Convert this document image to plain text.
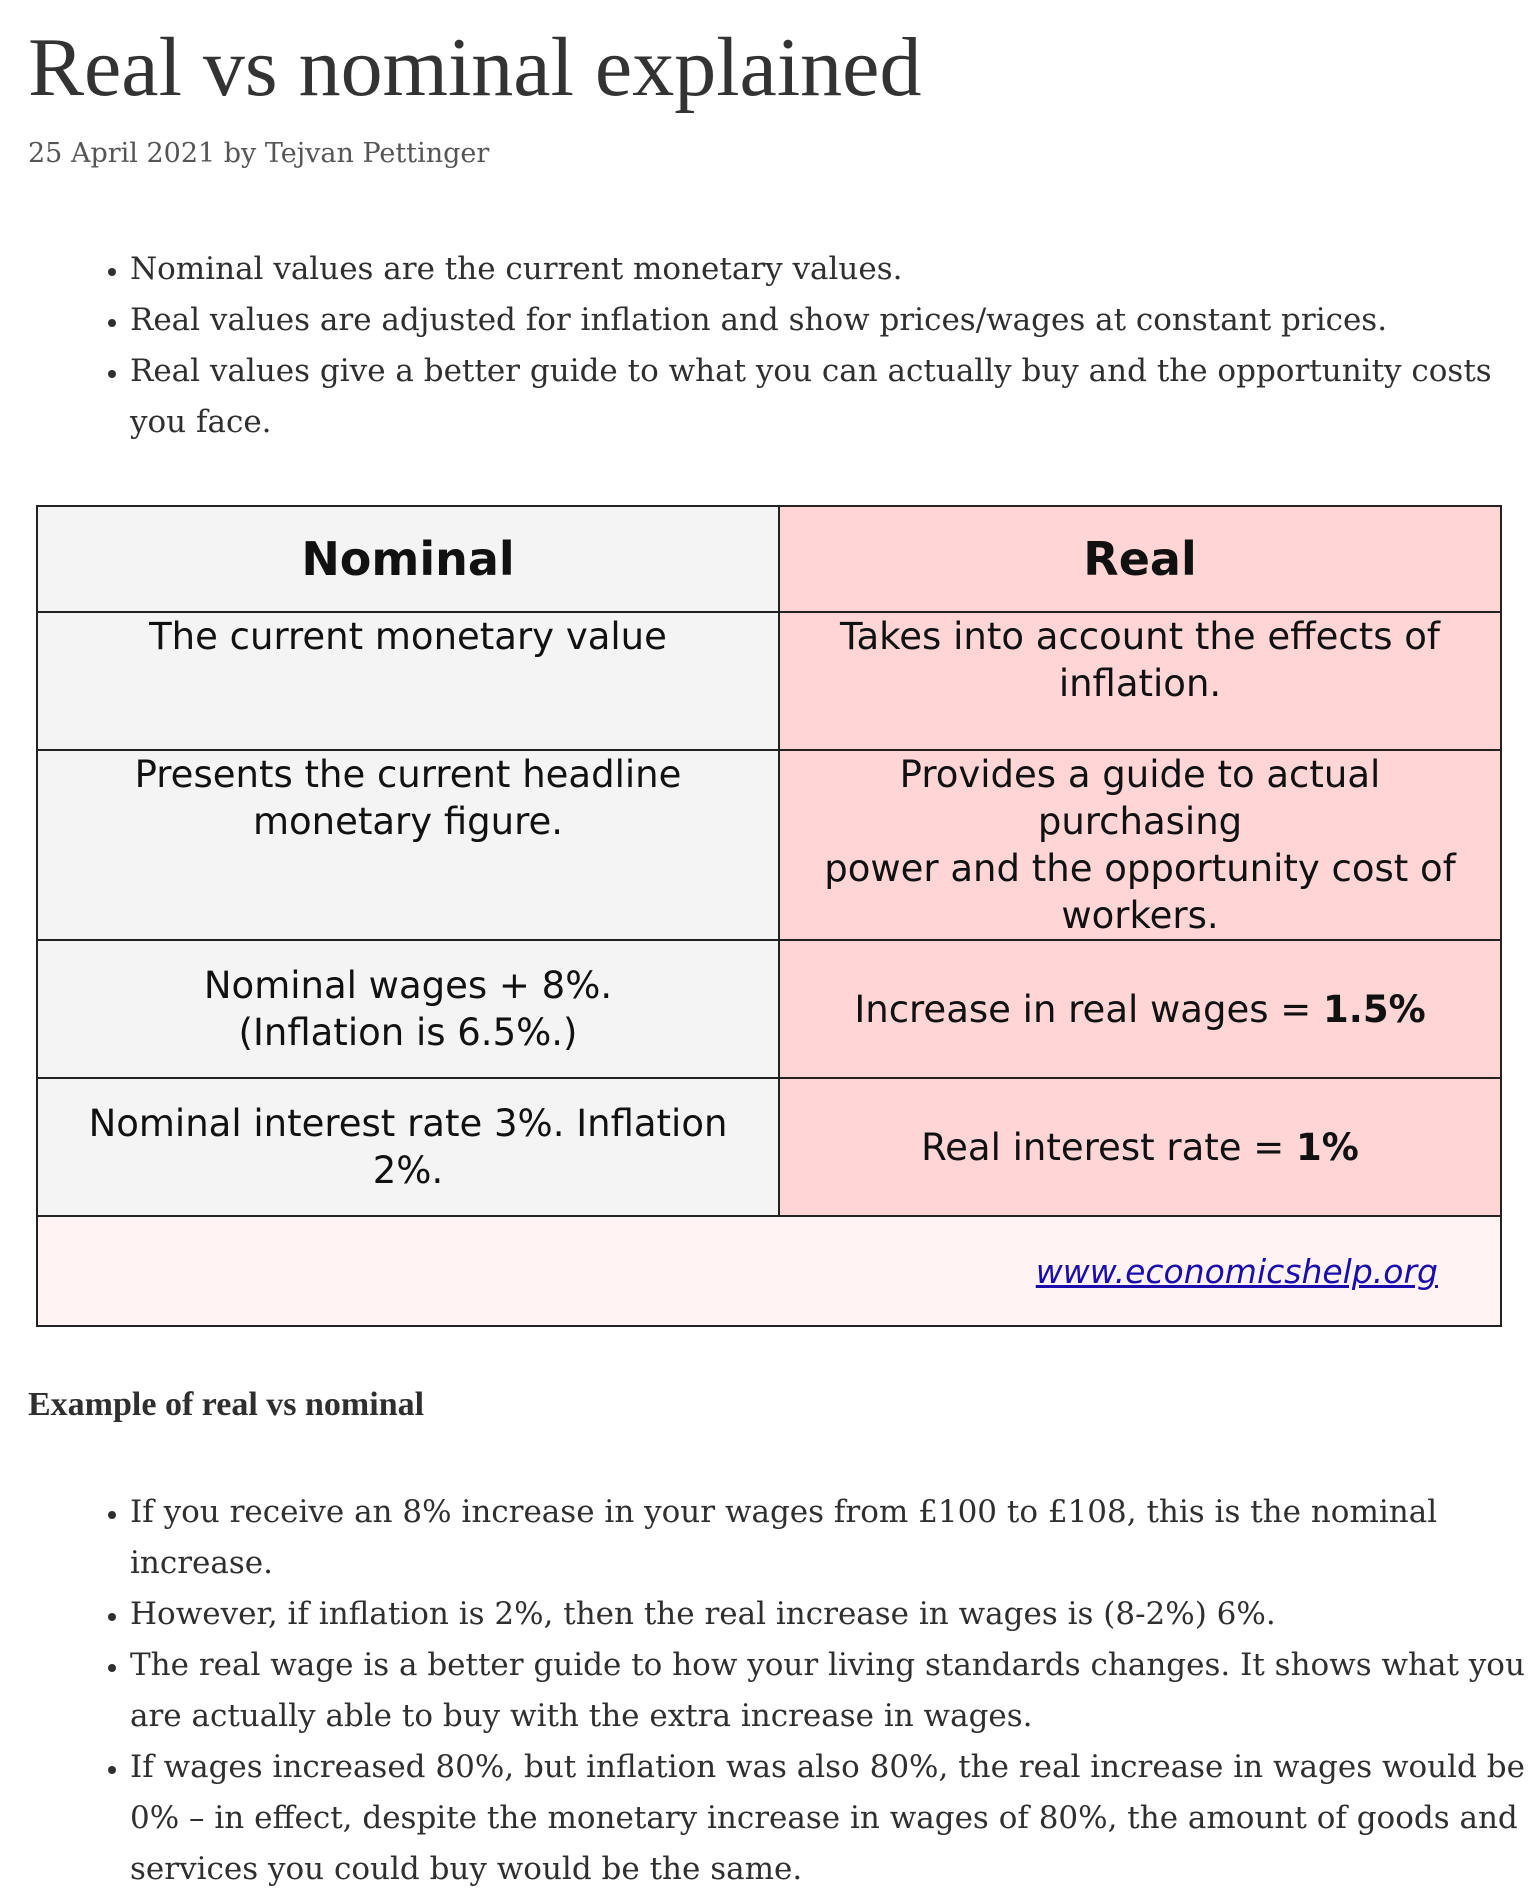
Real vs nominal explained
25 April 2021 by Tejvan Pettinger
• Nominal values are the current monetary values.
• Real values are adjusted for inflation and show prices/wages at constant prices.
• Real values give a better guide to what you can actually buy and the opportunity costs you face.
Nominal	Real
The current monetary value	Takes into account the effects of
inflation.
Presents the current headline
monetary figure.	Provides a guide to actual purchasing
power and the opportunity cost of
workers.
Nominal wages + 8%.
(Inflation is 6.5%.)	Increase in real wages = 1.5%
Nominal interest rate 3%. Inflation
2%.	Real interest rate = 1%
www.economicshelp.org	
Example of real vs nominal
• If you receive an 8% increase in your wages from £100 to £108, this is the nominal increase.
• However, if inflation is 2%, then the real increase in wages is (8-2%) 6%.
• The real wage is a better guide to how your living standards changes. It shows what you are actually able to buy with the extra increase in wages.
• If wages increased 80%, but inflation was also 80%, the real increase in wages would be 0% – in effect, despite the monetary increase in wages of 80%, the amount of goods and services you could buy would be the same.
